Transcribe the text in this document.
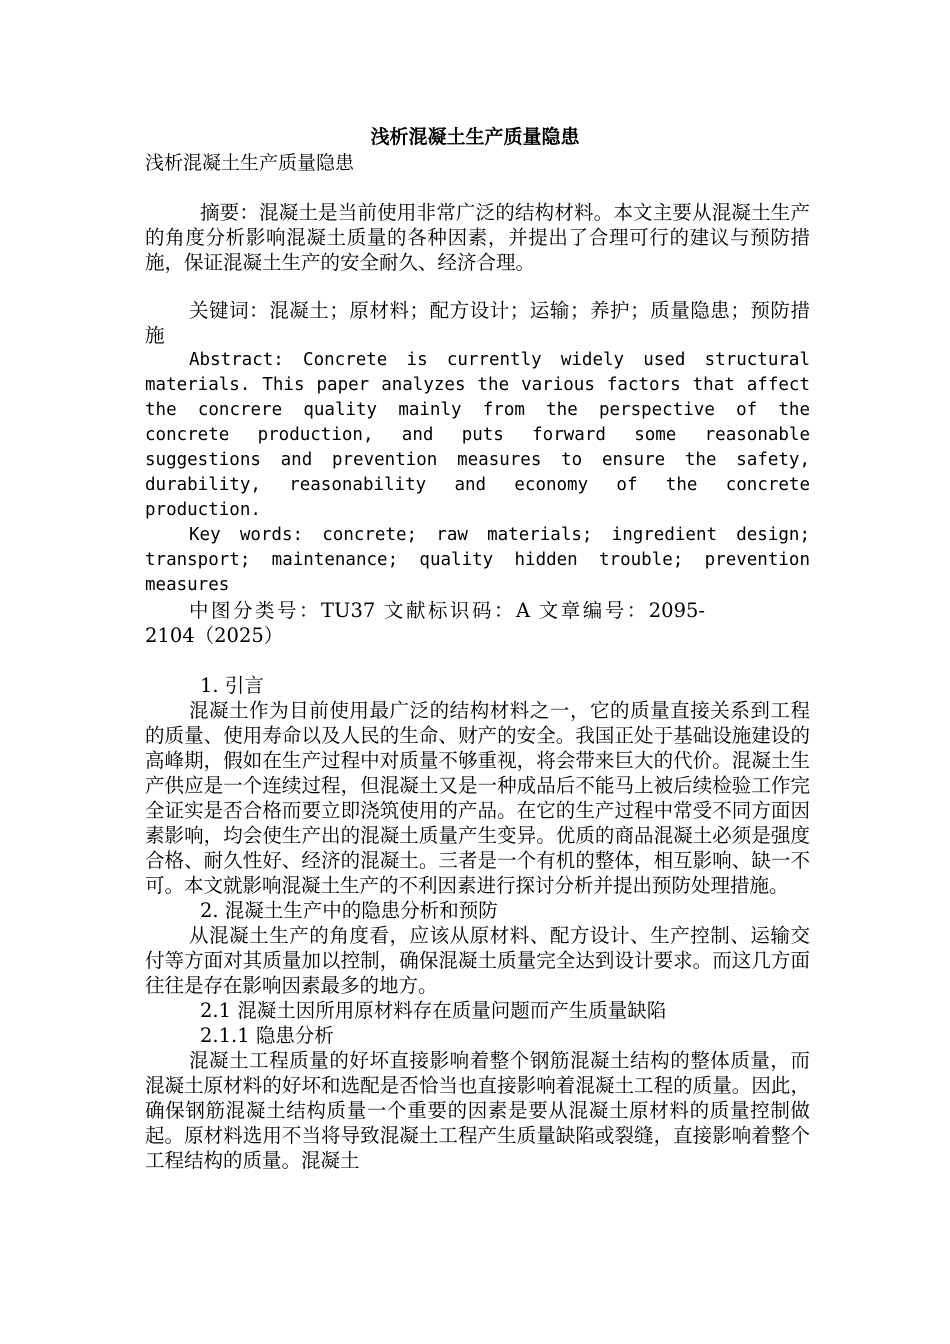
浅析混凝土生产质量隐患
浅析混凝土生产质量隐患

摘要：混凝土是当前使用非常广泛的结构材料。本文主要从混凝土生产的角度分析影响混凝土质量的各种因素，并提出了合理可行的建议与预防措施，保证混凝土生产的安全耐久、经济合理。

关键词：混凝土；原材料；配方设计；运输；养护；质量隐患；预防措施

Abstract: Concrete is currently widely used structural materials. This paper analyzes the various factors that affect the concrere quality mainly from the perspective of the concrete production, and puts forward some reasonable suggestions and prevention measures to ensure the safety, durability, reasonability and economy of the concrete production.

Key words: concrete; raw materials; ingredient design; transport; maintenance; quality hidden trouble; prevention measures

中图分类号：TU37 文献标识码：A 文章编号：2095-2104（2025）

1. 引言

混凝土作为目前使用最广泛的结构材料之一，它的质量直接关系到工程的质量、使用寿命以及人民的生命、财产的安全。我国正处于基础设施建设的高峰期，假如在生产过程中对质量不够重视，将会带来巨大的代价。混凝土生产供应是一个连续过程，但混凝土又是一种成品后不能马上被后续检验工作完全证实是否合格而要立即浇筑使用的产品。在它的生产过程中常受不同方面因素影响，均会使生产出的混凝土质量产生变异。优质的商品混凝土必须是强度合格、耐久性好、经济的混凝土。三者是一个有机的整体，相互影响、缺一不可。本文就影响混凝土生产的不利因素进行探讨分析并提出预防处理措施。

2. 混凝土生产中的隐患分析和预防

从混凝土生产的角度看，应该从原材料、配方设计、生产控制、运输交付等方面对其质量加以控制，确保混凝土质量完全达到设计要求。而这几方面往往是存在影响因素最多的地方。

2.1 混凝土因所用原材料存在质量问题而产生质量缺陷

2.1.1 隐患分析

混凝土工程质量的好坏直接影响着整个钢筋混凝土结构的整体质量，而混凝土原材料的好坏和选配是否恰当也直接影响着混凝土工程的质量。因此，确保钢筋混凝土结构质量一个重要的因素是要从混凝土原材料的质量控制做起。原材料选用不当将导致混凝土工程产生质量缺陷或裂缝，直接影响着整个工程结构的质量。混凝土
